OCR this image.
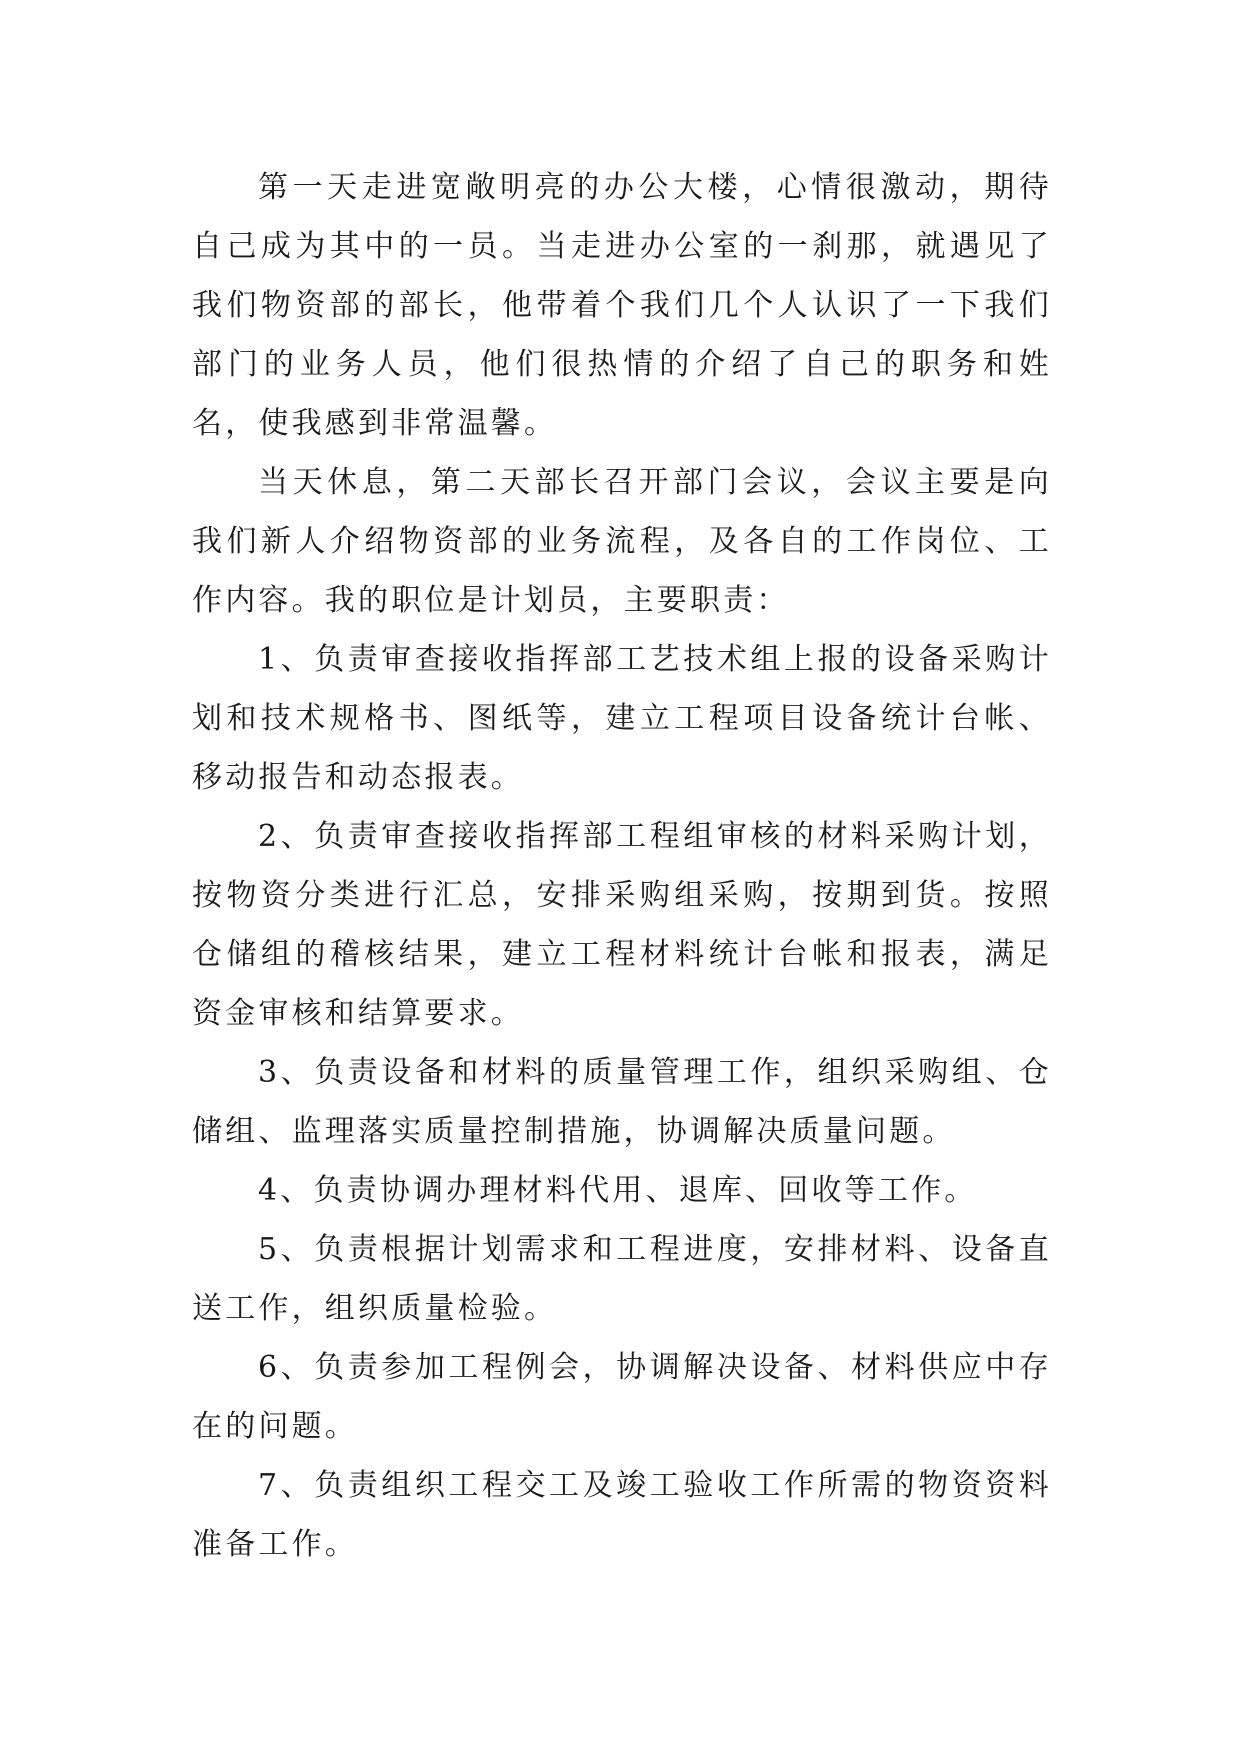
第一天走进宽敞明亮的办公大楼，心情很激动，期待自己成为其中的一员。当走进办公室的一刹那，就遇见了我们物资部的部长，他带着个我们几个人认识了一下我们部门的业务人员，他们很热情的介绍了自己的职务和姓名，使我感到非常温馨。

当天休息，第二天部长召开部门会议，会议主要是向我们新人介绍物资部的业务流程，及各自的工作岗位、工作内容。我的职位是计划员，主要职责：

1、负责审查接收指挥部工艺技术组上报的设备采购计划和技术规格书、图纸等，建立工程项目设备统计台帐、移动报告和动态报表。

2、负责审查接收指挥部工程组审核的材料采购计划，按物资分类进行汇总，安排采购组采购，按期到货。按照仓储组的稽核结果，建立工程材料统计台帐和报表，满足资金审核和结算要求。

3、负责设备和材料的质量管理工作，组织采购组、仓储组、监理落实质量控制措施，协调解决质量问题。

4、负责协调办理材料代用、退库、回收等工作。

5、负责根据计划需求和工程进度，安排材料、设备直送工作，组织质量检验。

6、负责参加工程例会，协调解决设备、材料供应中存在的问题。

7、负责组织工程交工及竣工验收工作所需的物资资料准备工作。
